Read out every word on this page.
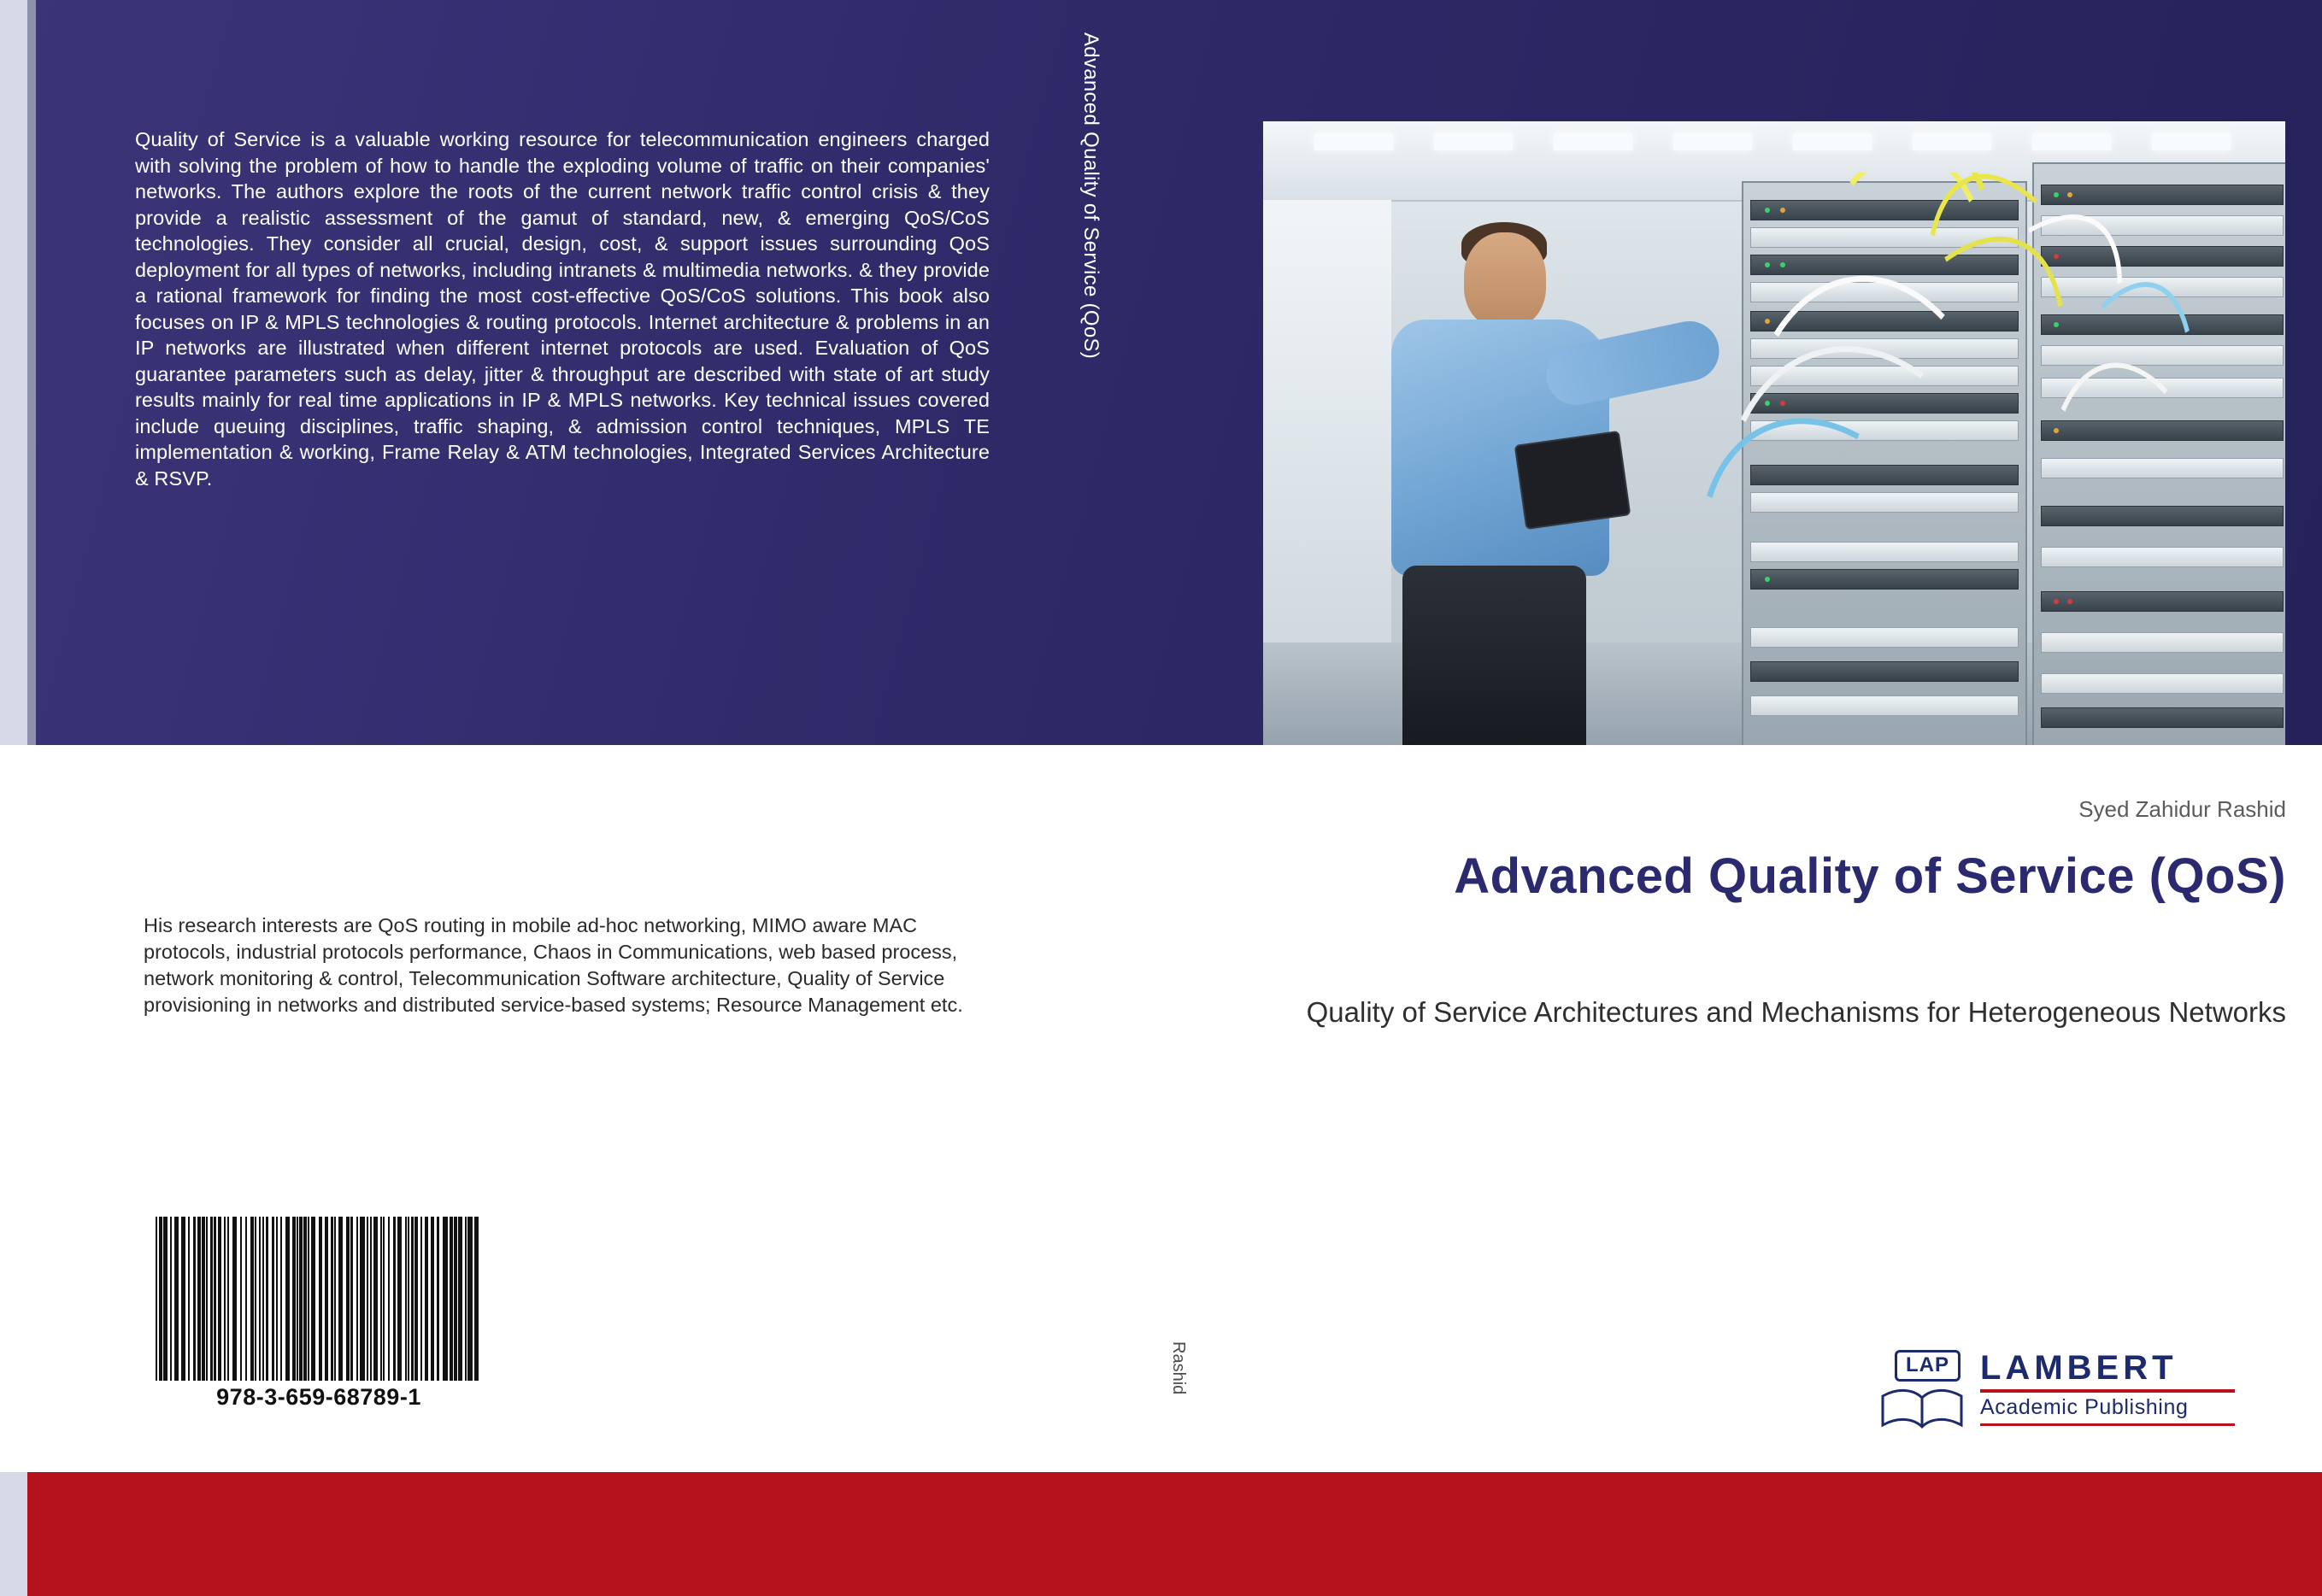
Quality of Service is a valuable working resource for telecommunication engineers charged with solving the problem of how to handle the exploding volume of traffic on their companies' networks. The authors explore the roots of the current network traffic control crisis & they provide a realistic assessment of the gamut of standard, new, & emerging QoS/CoS technologies. They consider all crucial, design, cost, & support issues surrounding QoS deployment for all types of networks, including intranets & multimedia networks. & they provide a rational framework for finding the most cost-effective QoS/CoS solutions. This book also focuses on IP & MPLS technologies & routing protocols. Internet architecture & problems in an IP networks are illustrated when different internet protocols are used. Evaluation of QoS guarantee parameters such as delay, jitter & throughput are described with state of art study results mainly for real time applications in IP & MPLS networks. Key technical issues covered include queuing disciplines, traffic shaping, & admission control techniques, MPLS TE implementation & working, Frame Relay & ATM technologies, Integrated Services Architecture & RSVP.
Advanced Quality of Service (QoS)
Rashid
Syed Zahidur Rashid
Advanced Quality of Service (QoS)
Quality of Service Architectures and Mechanisms for Heterogeneous Networks
His research interests are QoS routing in mobile ad-hoc networking, MIMO aware MAC protocols, industrial protocols performance, Chaos in Communications, web based process, network monitoring & control, Telecommunication Software architecture, Quality of Service provisioning in networks and distributed service-based systems; Resource Management etc.
978-3-659-68789-1
LAP LAMBERT
Academic Publishing
